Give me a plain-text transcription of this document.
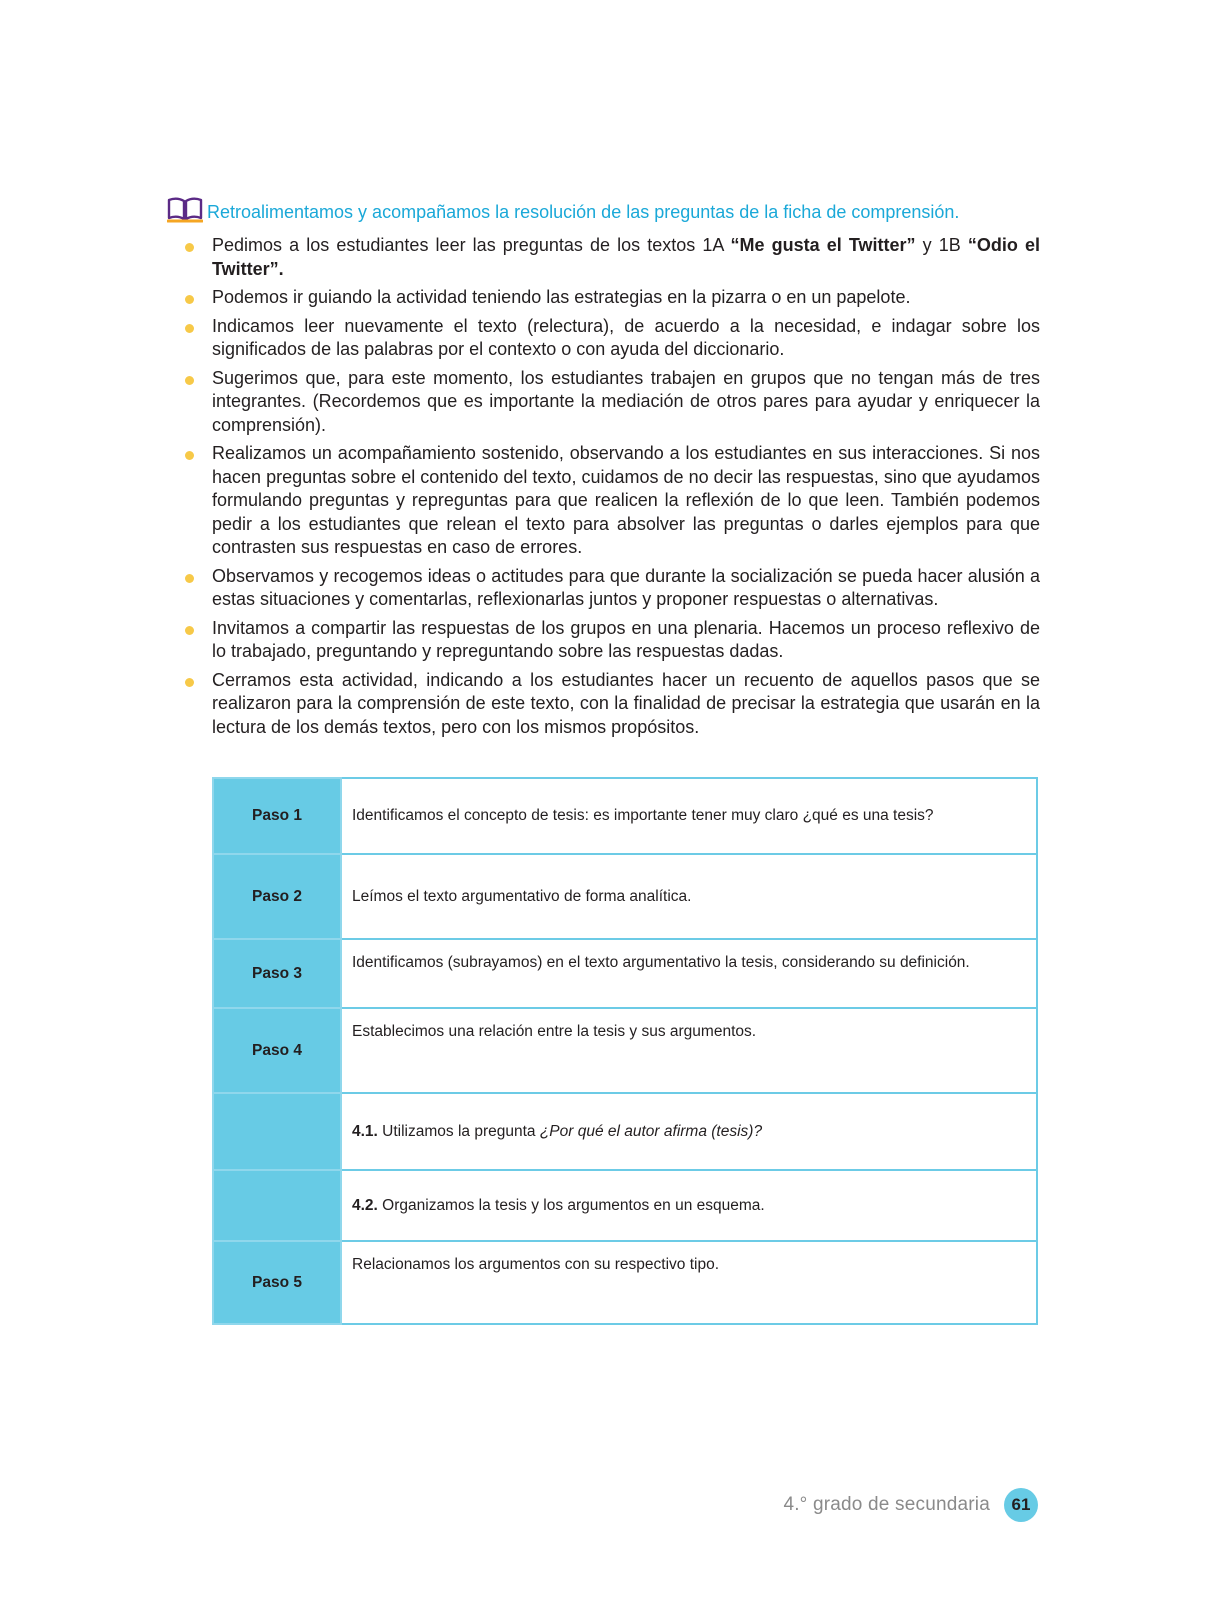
Retroalimentamos y acompañamos la resolución de las preguntas de la ficha de comprensión.
Pedimos a los estudiantes leer las preguntas de los textos 1A “Me gusta el Twitter” y 1B “Odio el Twitter”.
Podemos ir guiando la actividad teniendo las estrategias en la pizarra o en un papelote.
Indicamos leer nuevamente el texto (relectura), de acuerdo a la necesidad, e indagar sobre los significados de las palabras por el contexto o con ayuda del diccionario.
Sugerimos que, para este momento, los estudiantes trabajen en grupos que no tengan más de tres integrantes. (Recordemos que es importante la mediación de otros pares para ayudar y enriquecer la comprensión).
Realizamos un acompañamiento sostenido, observando a los estudiantes en sus interacciones. Si nos hacen preguntas sobre el contenido del texto, cuidamos de no decir las respuestas, sino que ayudamos formulando preguntas y repreguntas para que realicen la reflexión de lo que leen. También podemos pedir a los estudiantes que relean el texto para absolver las preguntas o darles ejemplos para que contrasten sus respuestas en caso de errores.
Observamos y recogemos ideas o actitudes para que durante la socialización se pueda hacer alusión a estas situaciones y comentarlas, reflexionarlas juntos y proponer respuestas o alternativas.
Invitamos a compartir las respuestas de los grupos en una plenaria. Hacemos un proceso reflexivo de lo trabajado, preguntando y repreguntando sobre las respuestas dadas.
Cerramos esta actividad, indicando a los estudiantes hacer un recuento de aquellos pasos que se realizaron para la comprensión de este texto, con la finalidad de precisar la estrategia que usarán en la lectura de los demás textos, pero con los mismos propósitos.
Paso 1	Identificamos el concepto de tesis: es importante tener muy claro ¿qué es una tesis?
Paso 2	Leímos el texto argumentativo de forma analítica.
Paso 3	Identificamos (subrayamos) en el texto argumentativo la tesis, considerando su definición.
Paso 4	Establecimos una relación entre la tesis y sus argumentos.
	4.1. Utilizamos la pregunta ¿Por qué el autor afirma (tesis)?
	4.2. Organizamos la tesis y los argumentos en un esquema.
Paso 5	Relacionamos los argumentos con su respectivo tipo.
4.° grado de secundaria	61
